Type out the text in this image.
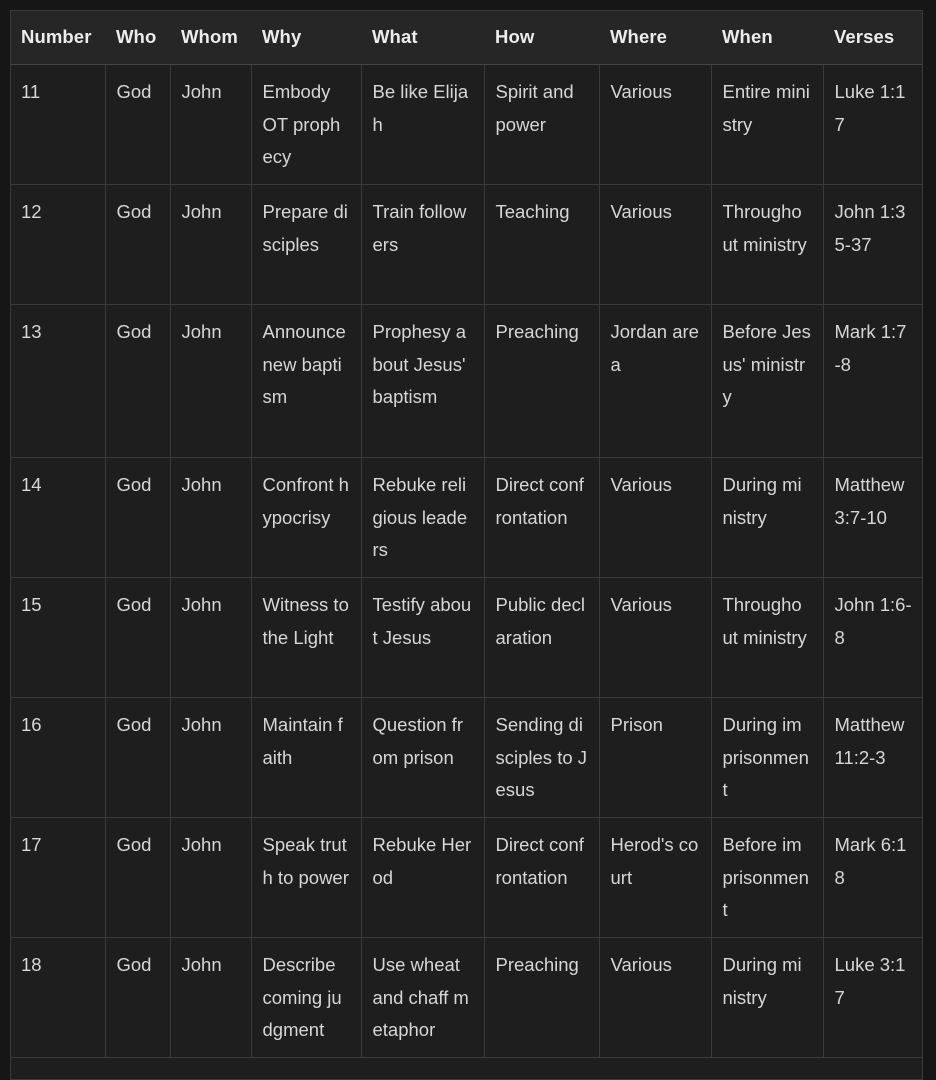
Number	Who	Whom	Why	What	How	Where	When	Verses

11	God	John	Embody OT prophecy	Be like Elijah	Spirit and power	Various	Entire ministry	Luke 1:17

12	God	John	Prepare disciples	Train followers	Teaching	Various	Throughout ministry	John 1:35-37

13	God	John	Announce new baptism	Prophesy about Jesus' baptism	Preaching	Jordan area	Before Jesus' ministry	Mark 1:7-8

14	God	John	Confront hypocrisy	Rebuke religious leaders	Direct confrontation	Various	During ministry	Matthew 3:7-10

15	God	John	Witness to the Light	Testify about Jesus	Public declaration	Various	Throughout ministry	John 1:6-8

16	God	John	Maintain faith	Question from prison	Sending disciples to Jesus	Prison	During imprisonment	Matthew 11:2-3

17	God	John	Speak truth to power	Rebuke Herod	Direct confrontation	Herod's court	Before imprisonment	Mark 6:18

18	God	John	Describe coming judgment	Use wheat and chaff metaphor	Preaching	Various	During ministry	Luke 3:17
